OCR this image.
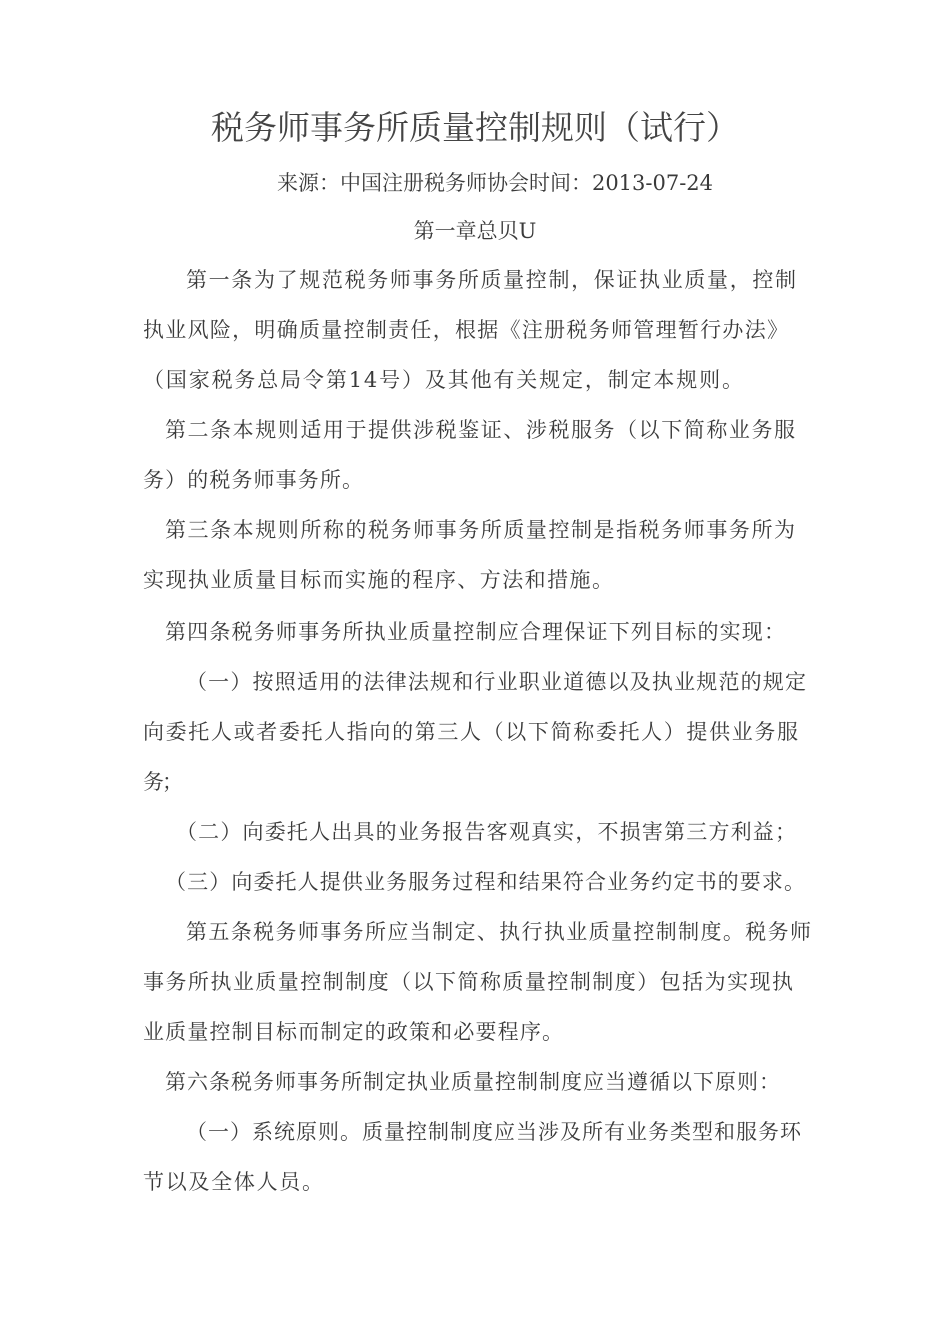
税务师事务所质量控制规则（试行）
来源：中国注册税务师协会时间：2013-07-24
第一章总贝U
第一条为了规范税务师事务所质量控制，保证执业质量，控制
执业风险，明确质量控制责任，根据《注册税务师管理暂行办法》
（国家税务总局令第14号）及其他有关规定，制定本规则。
第二条本规则适用于提供涉税鉴证、涉税服务（以下简称业务服
务）的税务师事务所。
第三条本规则所称的税务师事务所质量控制是指税务师事务所为
实现执业质量目标而实施的程序、方法和措施。
第四条税务师事务所执业质量控制应合理保证下列目标的实现：
（一）按照适用的法律法规和行业职业道德以及执业规范的规定
向委托人或者委托人指向的第三人（以下简称委托人）提供业务服
务；
（二）向委托人出具的业务报告客观真实，不损害第三方利益；
（三）向委托人提供业务服务过程和结果符合业务约定书的要求。
第五条税务师事务所应当制定、执行执业质量控制制度。税务师
事务所执业质量控制制度（以下简称质量控制制度）包括为实现执
业质量控制目标而制定的政策和必要程序。
第六条税务师事务所制定执业质量控制制度应当遵循以下原则：
（一）系统原则。质量控制制度应当涉及所有业务类型和服务环
节以及全体人员。
